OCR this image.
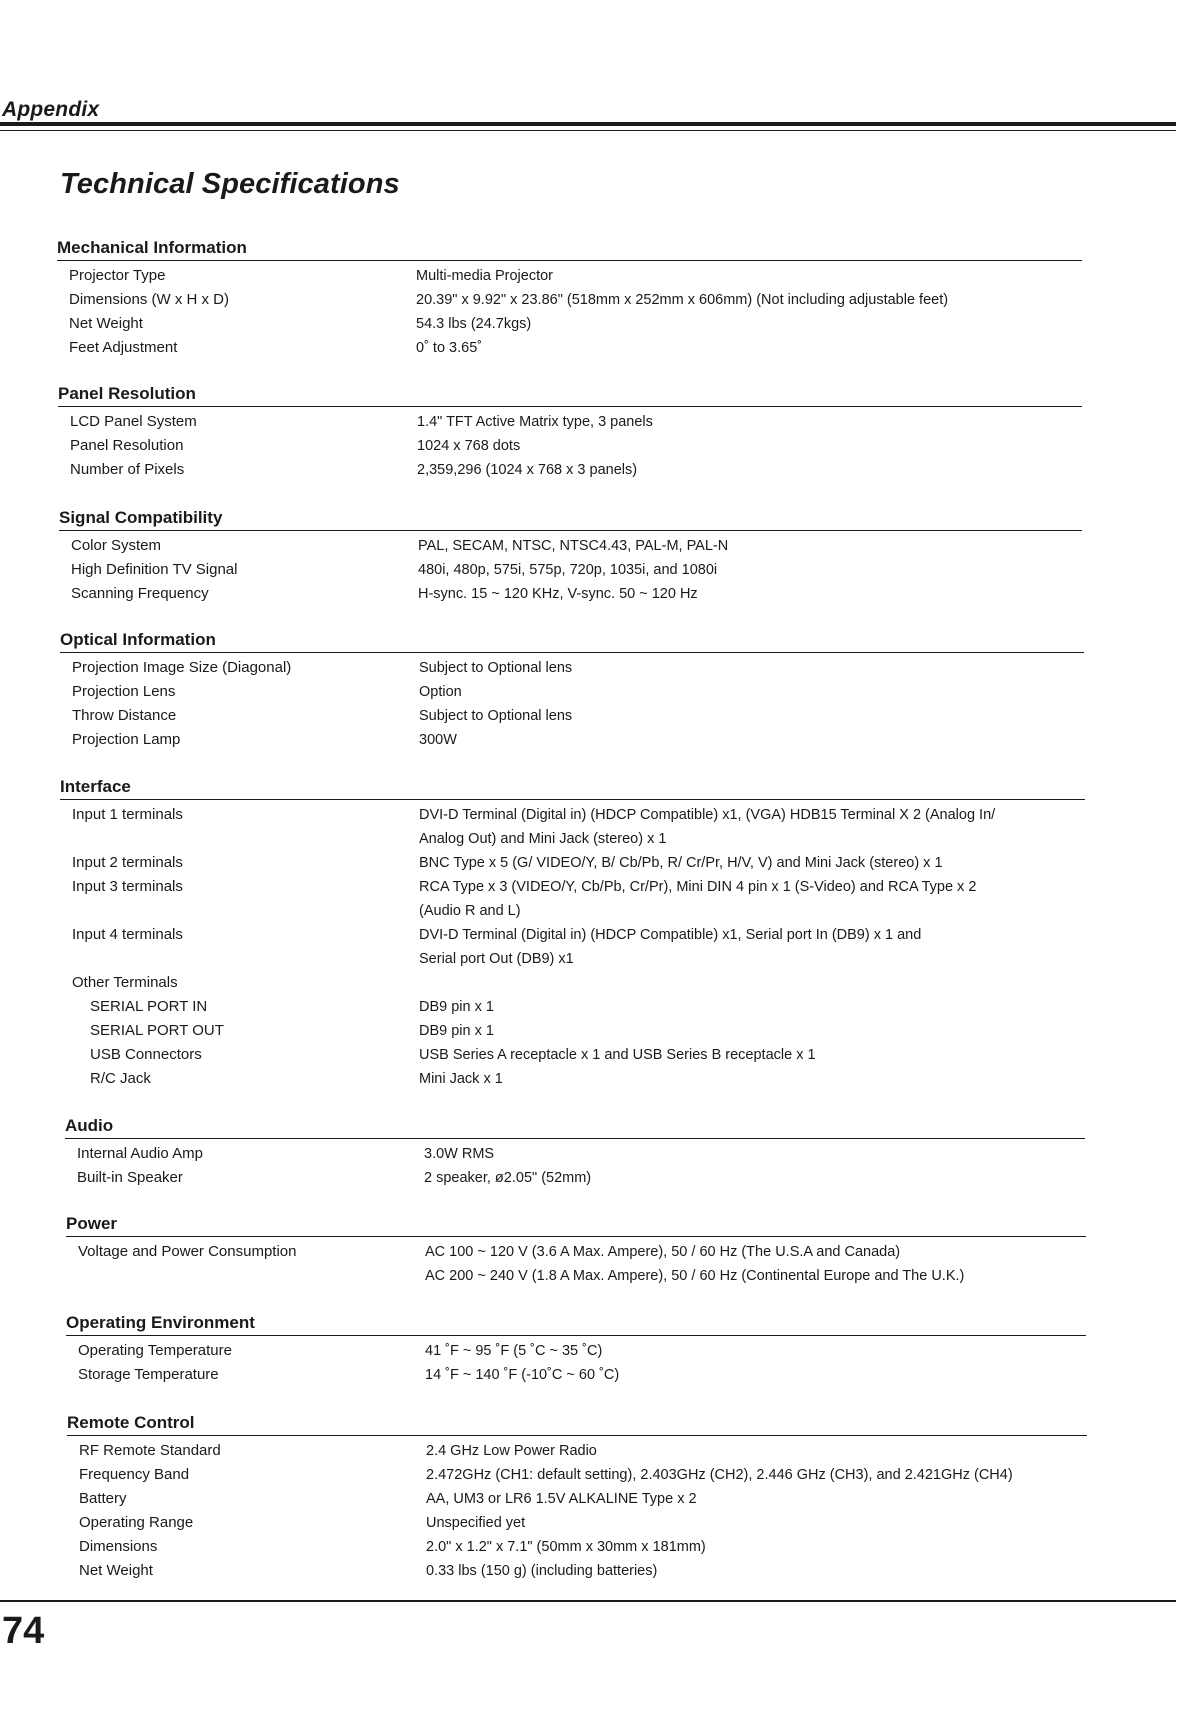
Appendix
Technical Specifications
Mechanical Information
Projector Type	Multi-media Projector
Dimensions (W x H x D)	20.39" x 9.92" x 23.86" (518mm x 252mm x 606mm) (Not including adjustable feet)
Net Weight	54.3 lbs (24.7kgs)
Feet Adjustment	0˚ to 3.65˚
Panel Resolution
LCD Panel System	1.4" TFT Active Matrix type, 3 panels
Panel Resolution	1024 x 768 dots
Number of Pixels	2,359,296 (1024 x 768 x 3 panels)
Signal Compatibility
Color System	PAL, SECAM, NTSC, NTSC4.43, PAL-M, PAL-N
High Definition TV Signal	480i, 480p, 575i, 575p, 720p, 1035i, and 1080i
Scanning Frequency	H-sync. 15 ~ 120 KHz, V-sync. 50 ~ 120 Hz
Optical Information
Projection Image Size (Diagonal)	Subject to Optional lens
Projection Lens	Option
Throw Distance	Subject to Optional lens
Projection Lamp	300W
Interface
Input 1 terminals	DVI-D Terminal (Digital in) (HDCP Compatible) x1, (VGA) HDB15 Terminal X 2 (Analog In/
Analog Out) and Mini Jack (stereo) x 1
Input 2 terminals	BNC Type x 5 (G/ VIDEO/Y, B/ Cb/Pb, R/ Cr/Pr, H/V, V) and Mini Jack (stereo) x 1
Input 3 terminals	RCA Type x 3 (VIDEO/Y, Cb/Pb, Cr/Pr), Mini DIN 4 pin x 1 (S-Video) and RCA Type x 2
(Audio R and L)
Input 4 terminals	DVI-D Terminal (Digital in) (HDCP Compatible) x1, Serial port In (DB9) x 1 and
Serial port Out (DB9) x1
Other Terminals
SERIAL PORT IN	DB9 pin x 1
SERIAL PORT OUT	DB9 pin x 1
USB Connectors	USB Series A receptacle x 1 and USB Series B receptacle x 1
R/C Jack	Mini Jack x 1
Audio
Internal Audio Amp	3.0W RMS
Built-in Speaker	2 speaker, ø2.05" (52mm)
Power
Voltage and Power Consumption	AC 100 ~ 120 V (3.6 A Max. Ampere), 50 / 60 Hz (The U.S.A and Canada)
AC 200 ~ 240 V (1.8 A Max. Ampere), 50 / 60 Hz (Continental Europe and The U.K.)
Operating Environment
Operating Temperature	41 ˚F ~ 95 ˚F (5 ˚C ~ 35 ˚C)
Storage Temperature	14 ˚F ~ 140 ˚F (-10˚C ~ 60 ˚C)
Remote Control
RF Remote Standard	2.4 GHz Low Power Radio
Frequency Band	2.472GHz (CH1: default setting), 2.403GHz (CH2), 2.446 GHz (CH3), and 2.421GHz (CH4)
Battery	AA, UM3 or LR6 1.5V ALKALINE Type x 2
Operating Range	Unspecified yet
Dimensions	2.0" x 1.2" x 7.1" (50mm x 30mm x 181mm)
Net Weight	0.33 lbs (150 g) (including batteries)
74
